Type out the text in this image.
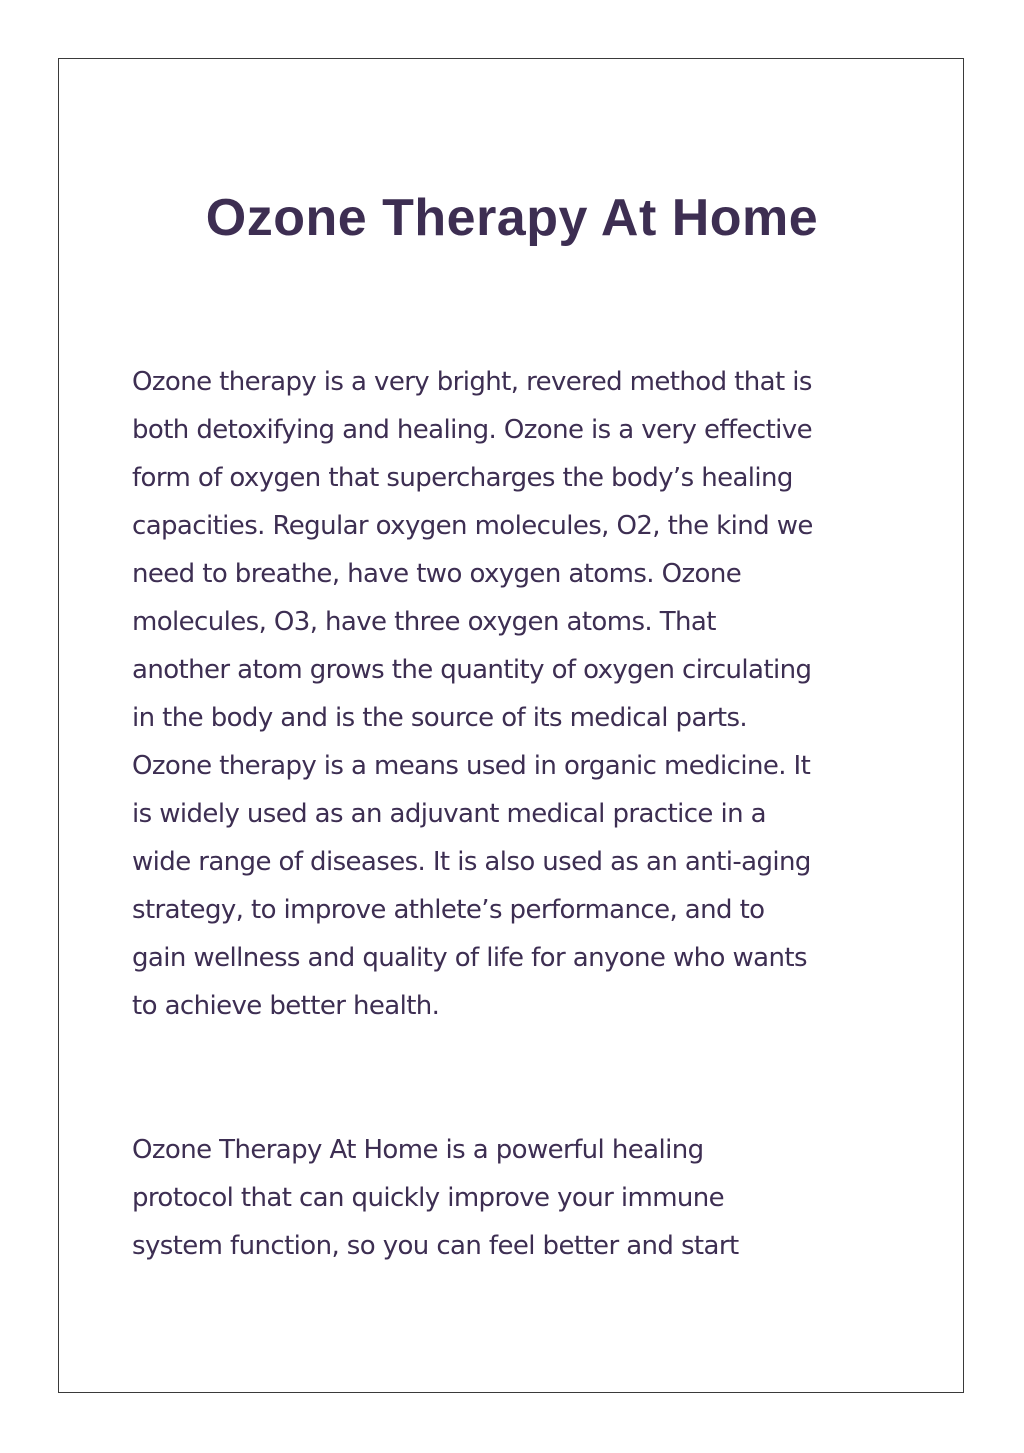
Ozone Therapy At Home

Ozone therapy is a very bright, revered method that is
both detoxifying and healing. Ozone is a very effective
form of oxygen that supercharges the body’s healing
capacities. Regular oxygen molecules, O2, the kind we
need to breathe, have two oxygen atoms. Ozone
molecules, O3, have three oxygen atoms. That
another atom grows the quantity of oxygen circulating
in the body and is the source of its medical parts.
Ozone therapy is a means used in organic medicine. It
is widely used as an adjuvant medical practice in a
wide range of diseases. It is also used as an anti-aging
strategy, to improve athlete’s performance, and to
gain wellness and quality of life for anyone who wants
to achieve better health.

Ozone Therapy At Home is a powerful healing
protocol that can quickly improve your immune
system function, so you can feel better and start
